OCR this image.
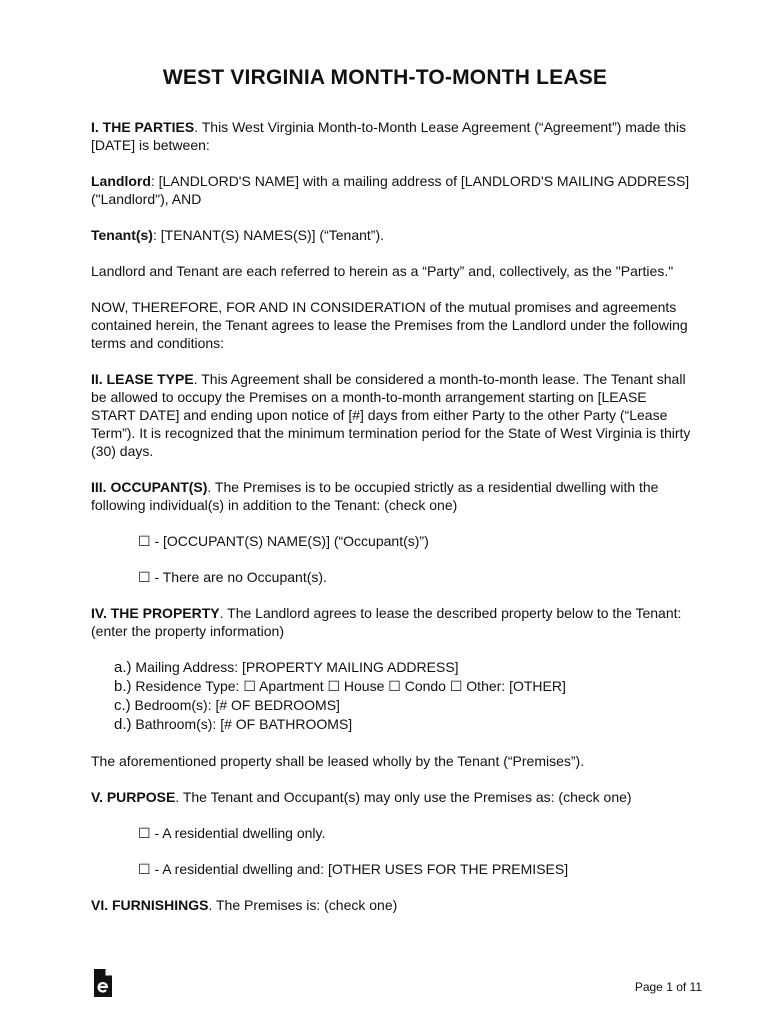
WEST VIRGINIA MONTH-TO-MONTH LEASE

I. THE PARTIES. This West Virginia Month-to-Month Lease Agreement (“Agreement”) made this [DATE] is between:

Landlord: [LANDLORD'S NAME] with a mailing address of [LANDLORD'S MAILING ADDRESS] ("Landlord"), AND

Tenant(s): [TENANT(S) NAMES(S)] (“Tenant”).

Landlord and Tenant are each referred to herein as a “Party” and, collectively, as the "Parties."

NOW, THEREFORE, FOR AND IN CONSIDERATION of the mutual promises and agreements contained herein, the Tenant agrees to lease the Premises from the Landlord under the following terms and conditions:

II. LEASE TYPE. This Agreement shall be considered a month-to-month lease. The Tenant shall be allowed to occupy the Premises on a month-to-month arrangement starting on [LEASE START DATE] and ending upon notice of [#] days from either Party to the other Party (“Lease Term”). It is recognized that the minimum termination period for the State of West Virginia is thirty (30) days.

III. OCCUPANT(S). The Premises is to be occupied strictly as a residential dwelling with the following individual(s) in addition to the Tenant: (check one)

☐ - [OCCUPANT(S) NAME(S)] (“Occupant(s)”)

☐ - There are no Occupant(s).

IV. THE PROPERTY. The Landlord agrees to lease the described property below to the Tenant: (enter the property information)

a.) Mailing Address: [PROPERTY MAILING ADDRESS]
b.) Residence Type: ☐ Apartment ☐ House ☐ Condo ☐ Other: [OTHER]
c.) Bedroom(s): [# OF BEDROOMS]
d.) Bathroom(s): [# OF BATHROOMS]

The aforementioned property shall be leased wholly by the Tenant (“Premises”).

V. PURPOSE. The Tenant and Occupant(s) may only use the Premises as: (check one)

☐ - A residential dwelling only.

☐ - A residential dwelling and: [OTHER USES FOR THE PREMISES]

VI. FURNISHINGS. The Premises is: (check one)

Page 1 of 11
